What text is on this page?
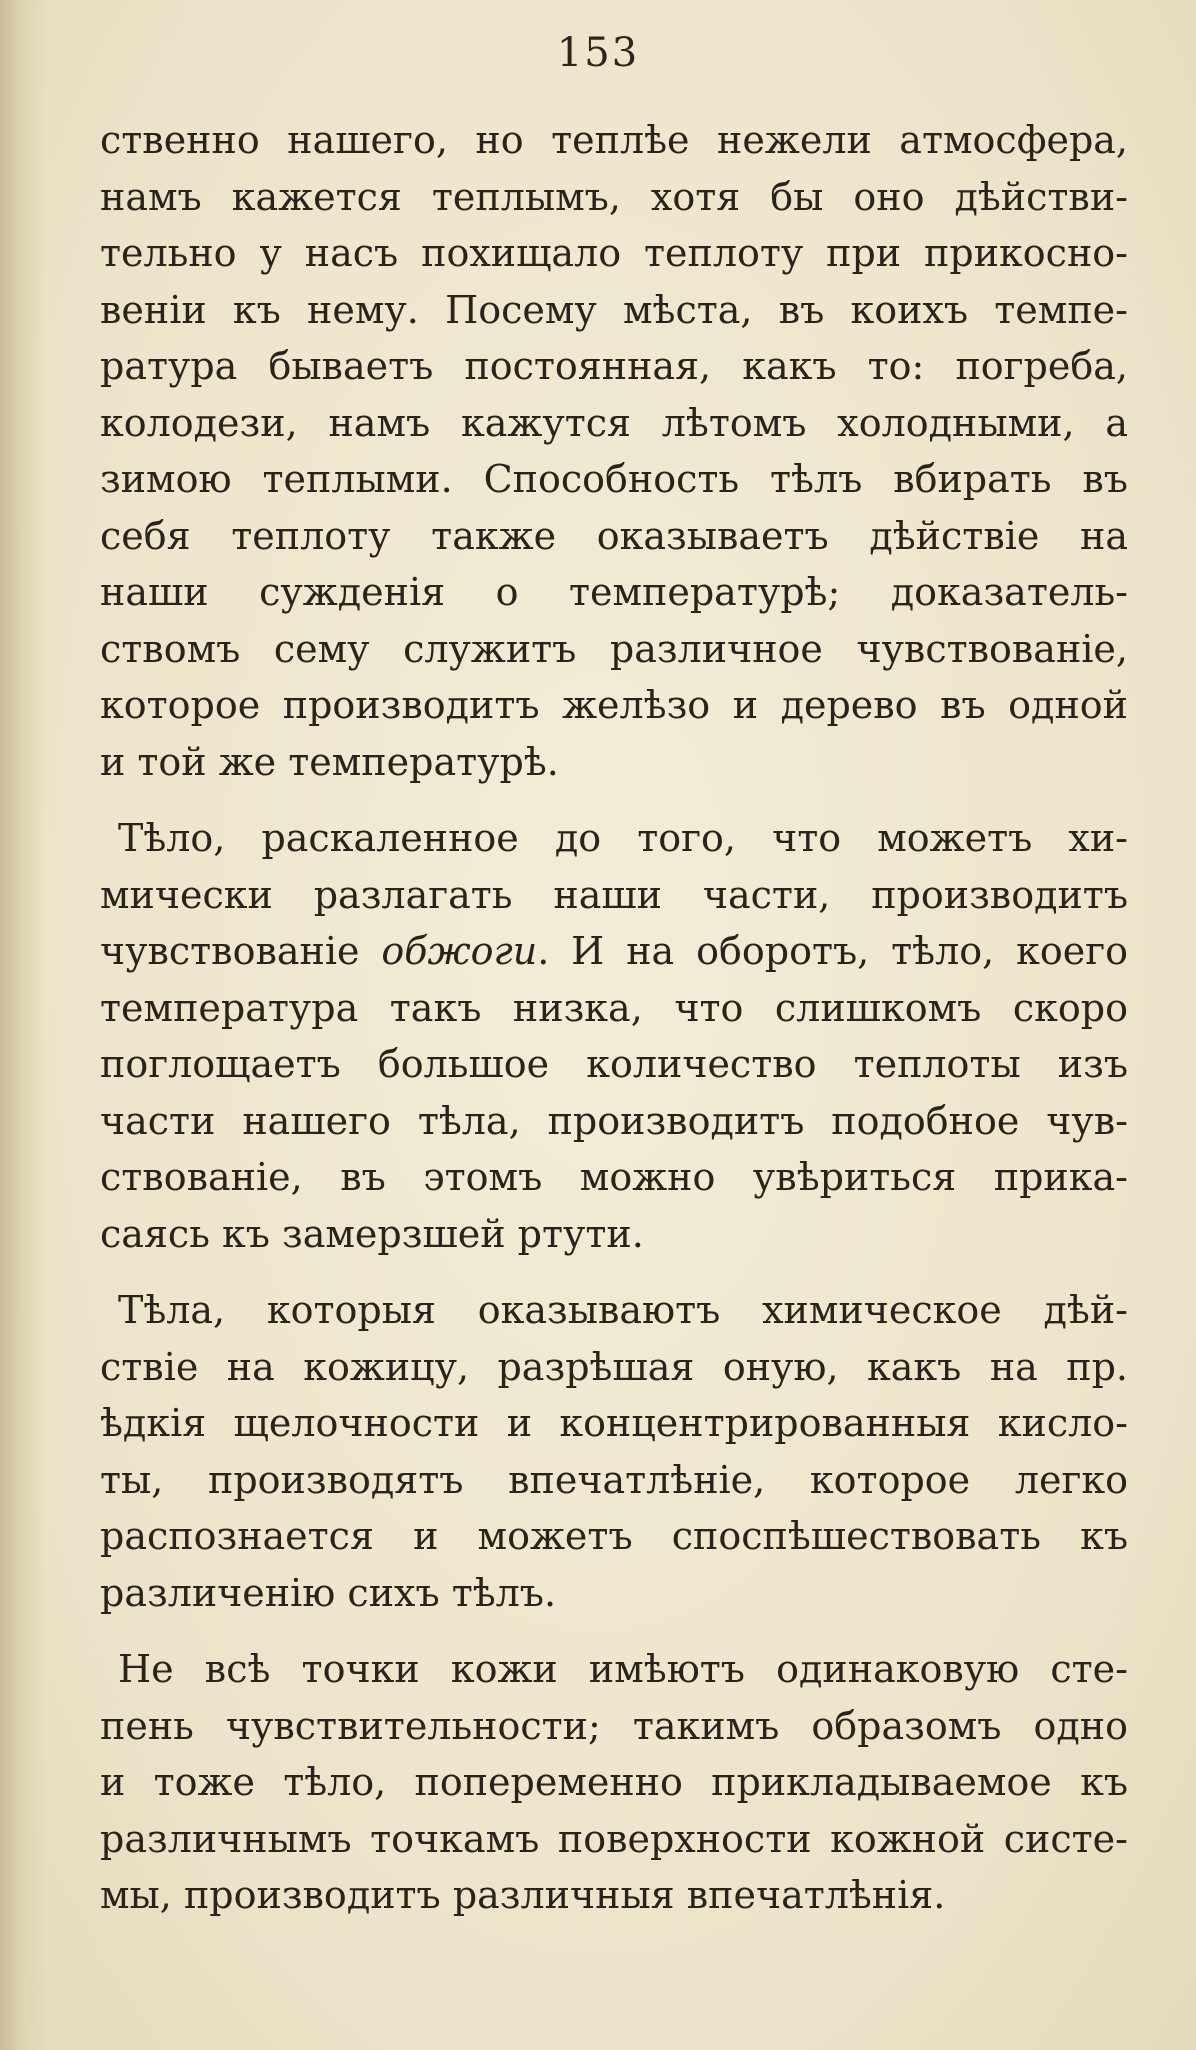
153

ственно нашего, но теплѣе нежели атмосфера,
намъ кажется теплымъ, хотя бы оно дѣйстви-
тельно у насъ похищало теплоту при прикосно-
веніи къ нему. Посему мѣста, въ коихъ темпе-
ратура бываетъ постоянная, какъ то: погреба,
колодези, намъ кажутся лѣтомъ холодными, а
зимою теплыми. Способность тѣлъ вбирать въ
себя теплоту также оказываетъ дѣйствіе на
наши сужденія о температурѣ; доказатель-
ствомъ сему служитъ различное чувствованіе,
которое производитъ желѣзо и дерево въ одной
и той же температурѣ.

Тѣло, раскаленное до того, что можетъ хи-
мически разлагать наши части, производитъ
чувствованіе обжоги. И на оборотъ, тѣло, коего
температура такъ низка, что слишкомъ скоро
поглощаетъ большое количество теплоты изъ
части нашего тѣла, производитъ подобное чув-
ствованіе, въ этомъ можно увѣриться прика-
саясь къ замерзшей ртути.

Тѣла, которыя оказываютъ химическое дѣй-
ствіе на кожицу, разрѣшая оную, какъ на пр.
ѣдкія щелочности и концентрированныя кисло-
ты, производятъ впечатлѣніе, которое легко
распознается и можетъ споспѣшествовать къ
различенію сихъ тѣлъ.

Не всѣ точки кожи имѣютъ одинаковую сте-
пень чувствительности; такимъ образомъ одно
и тоже тѣло, попеременно прикладываемое къ
различнымъ точкамъ поверхности кожной систе-
мы, производитъ различныя впечатлѣнія.
